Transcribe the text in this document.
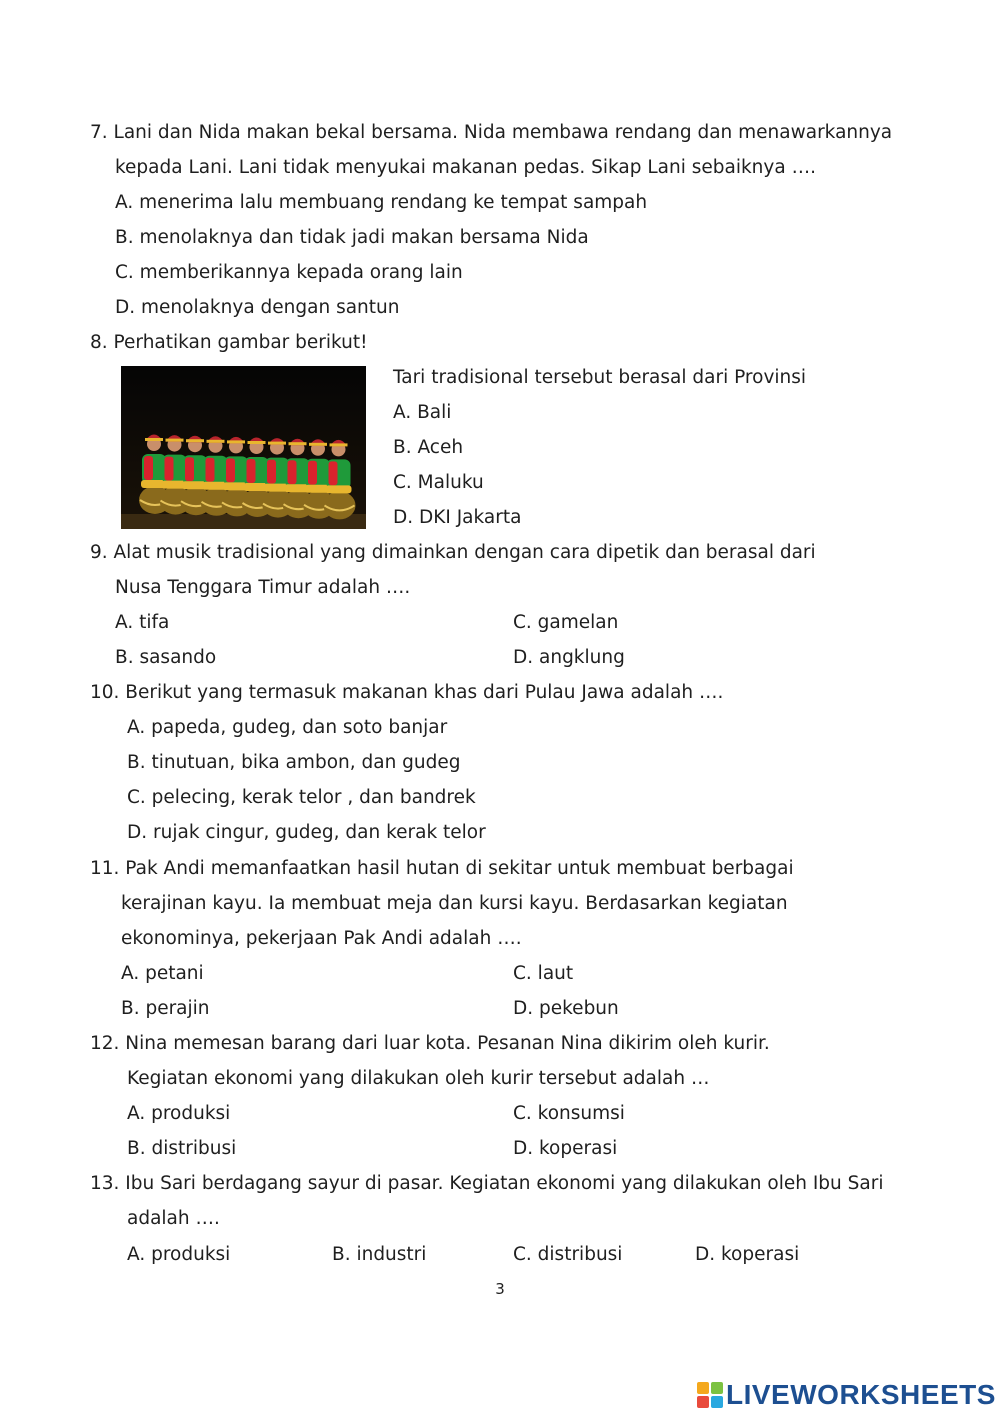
7. Lani dan Nida makan bekal bersama. Nida membawa rendang dan menawarkannya
kepada Lani. Lani tidak menyukai makanan pedas. Sikap Lani sebaiknya ….
A. menerima lalu membuang rendang ke tempat sampah
B. menolaknya dan tidak jadi makan bersama Nida
C. memberikannya kepada orang lain
D. menolaknya dengan santun
8. Perhatikan gambar berikut!
Tari tradisional tersebut berasal dari Provinsi
A. Bali
B. Aceh
C. Maluku
D. DKI Jakarta
9. Alat musik tradisional yang dimainkan dengan cara dipetik dan berasal dari
Nusa Tenggara Timur adalah ….
A. tifa	C. gamelan
B. sasando	D. angklung
10. Berikut yang termasuk makanan khas dari Pulau Jawa adalah ….
A. papeda, gudeg, dan soto banjar
B. tinutuan, bika ambon, dan gudeg
C. pelecing, kerak telor , dan bandrek
D. rujak cingur, gudeg, dan kerak telor
11. Pak Andi memanfaatkan hasil hutan di sekitar untuk membuat berbagai
kerajinan kayu. Ia membuat meja dan kursi kayu. Berdasarkan kegiatan
ekonominya, pekerjaan Pak Andi adalah ….
A. petani	C. laut
B. perajin	D. pekebun
12. Nina memesan barang dari luar kota. Pesanan Nina dikirim oleh kurir.
Kegiatan ekonomi yang dilakukan oleh kurir tersebut adalah …
A. produksi	C. konsumsi
B. distribusi	D. koperasi
13. Ibu Sari berdagang sayur di pasar. Kegiatan ekonomi yang dilakukan oleh Ibu Sari
adalah ….
A. produksi	B. industri	C. distribusi	D. koperasi
3
LIVEWORKSHEETS
